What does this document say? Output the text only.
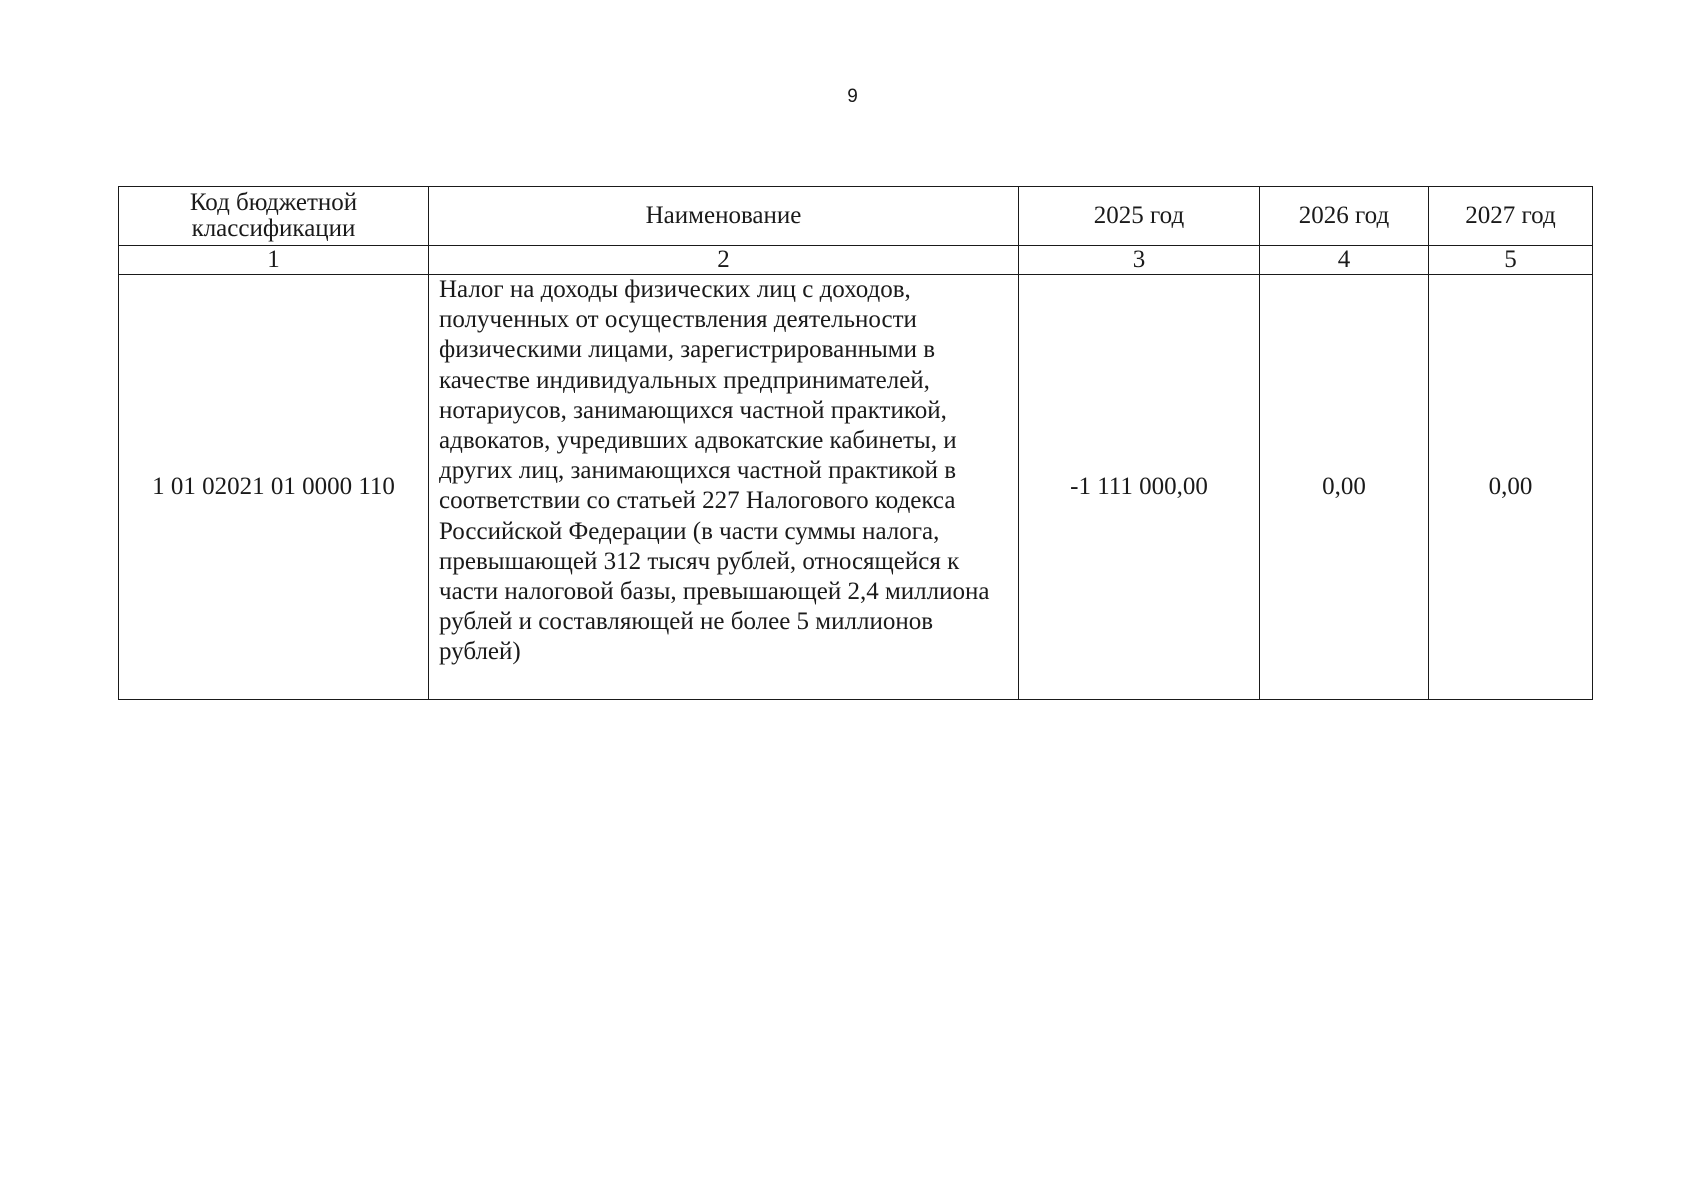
9
Код бюджетной классификации	Наименование	2025 год	2026 год	2027 год
1	2	3	4	5
1 01 02021 01 0000 110	Налог на доходы физических лиц с доходов, полученных от осуществления деятельности физическими лицами, зарегистрированными в качестве индивидуальных предпринимателей, нотариусов, занимающихся частной практикой, адвокатов, учредивших адвокатские кабинеты, и других лиц, занимающихся частной практикой в соответствии со статьей 227 Налогового кодекса Российской Федерации (в части суммы налога, превышающей 312 тысяч рублей, относящейся к части налоговой базы, превышающей 2,4 миллиона рублей и составляющей не более 5 миллионов рублей)	-1 111 000,00	0,00	0,00
